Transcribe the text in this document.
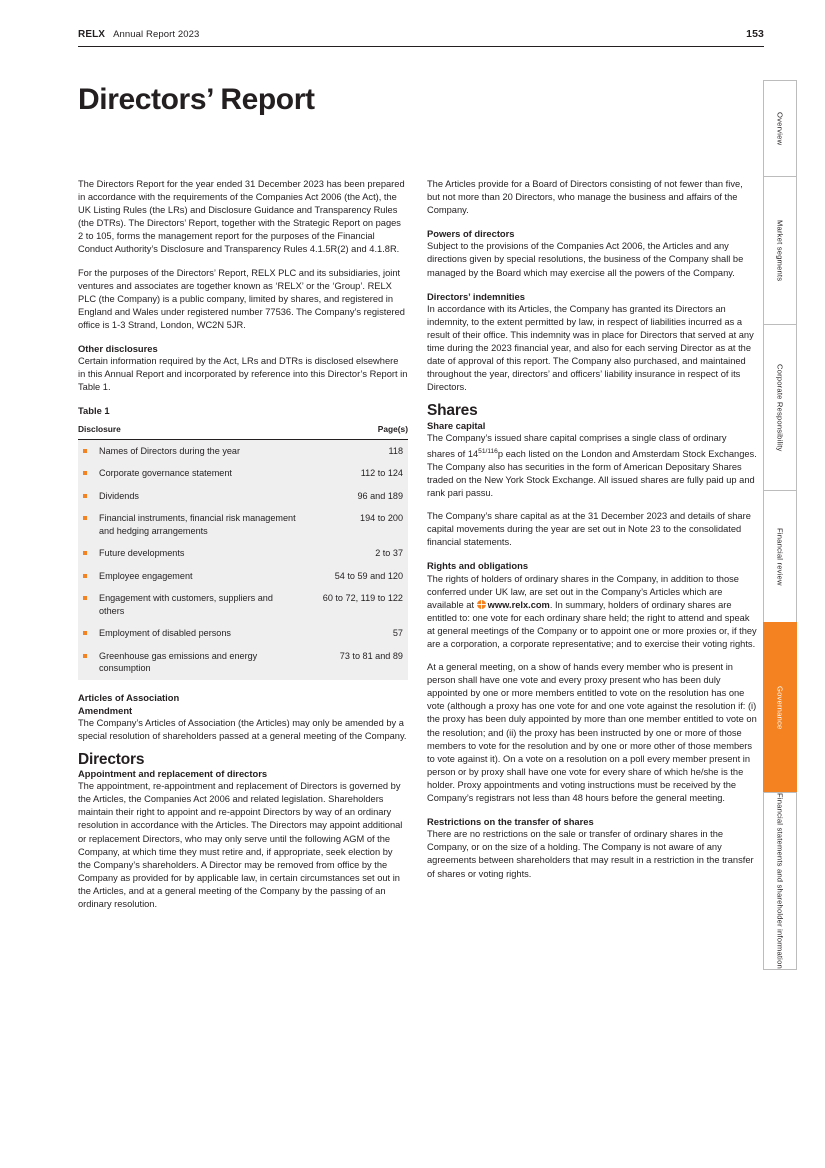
RELX Annual Report 2023	153
Directors’ Report

The Directors Report for the year ended 31 December 2023 has been prepared in accordance with the requirements of the Companies Act 2006 (the Act), the UK Listing Rules (the LRs) and Disclosure Guidance and Transparency Rules (the DTRs). The Directors’ Report, together with the Strategic Report on pages 2 to 105, forms the management report for the purposes of the Financial Conduct Authority’s Disclosure and Transparency Rules 4.1.5R(2) and 4.1.8R.

For the purposes of the Directors’ Report, RELX PLC and its subsidiaries, joint ventures and associates are together known as ‘RELX’ or the ‘Group’. RELX PLC (the Company) is a public company, limited by shares, and registered in England and Wales under registered number 77536. The Company’s registered office is 1-3 Strand, London, WC2N 5JR.

Other disclosures

Certain information required by the Act, LRs and DTRs is disclosed elsewhere in this Annual Report and incorporated by reference into this Director’s Report in Table 1.

Table 1
Disclosure		Page(s)
	Names of Directors during the year	118
	Corporate governance statement	112 to 124
	Dividends	96 and 189
	Financial instruments, financial risk management and hedging arrangements	194 to 200
	Future developments	2 to 37
	Employee engagement	54 to 59 and 120
	Engagement with customers, suppliers and others	60 to 72, 119 to 122
	Employment of disabled persons	57
	Greenhouse gas emissions and energy consumption	73 to 81 and 89
Articles of Association
Amendment

The Company’s Articles of Association (the Articles) may only be amended by a special resolution of shareholders passed at a general meeting of the Company.

Directors
Appointment and replacement of directors

The appointment, re-appointment and replacement of Directors is governed by the Articles, the Companies Act 2006 and related legislation. Shareholders maintain their right to appoint and re-appoint Directors by way of an ordinary resolution in accordance with the Articles. The Directors may appoint additional or replacement Directors, who may only serve until the following AGM of the Company, at which time they must retire and, if appropriate, seek election by the Company’s shareholders. A Director may be removed from office by the Company as provided for by applicable law, in certain circumstances set out in the Articles, and at a general meeting of the Company by the passing of an ordinary resolution.

The Articles provide for a Board of Directors consisting of not fewer than five, but not more than 20 Directors, who manage the business and affairs of the Company.

Powers of directors

Subject to the provisions of the Companies Act 2006, the Articles and any directions given by special resolutions, the business of the Company shall be managed by the Board which may exercise all the powers of the Company.

Directors’ indemnities

In accordance with its Articles, the Company has granted its Directors an indemnity, to the extent permitted by law, in respect of liabilities incurred as a result of their office. This indemnity was in place for Directors that served at any time during the 2023 financial year, and also for each serving Director as at the date of approval of this report. The Company also purchased, and maintained throughout the year, directors’ and officers’ liability insurance in respect of its Directors.

Shares
Share capital

The Company’s issued share capital comprises a single class of ordinary shares of $14^{51/116}p$ each listed on the London and Amsterdam Stock Exchanges. The Company also has securities in the form of American Depositary Shares traded on the New York Stock Exchange. All issued shares are fully paid up and rank pari passu.

The Company’s share capital as at the 31 December 2023 and details of share capital movements during the year are set out in Note 23 to the consolidated financial statements.

Rights and obligations

The rights of holders of ordinary shares in the Company, in addition to those conferred under UK law, are set out in the Company’s Articles which are available at www.relx.com. In summary, holders of ordinary shares are entitled to: one vote for each ordinary share held; the right to attend and speak at general meetings of the Company or to appoint one or more proxies or, if they are a corporation, a corporate representative; and to exercise their voting rights.

At a general meeting, on a show of hands every member who is present in person shall have one vote and every proxy present who has been duly appointed by one or more members entitled to vote on the resolution has one vote (although a proxy has one vote for and one vote against the resolution if: (i) the proxy has been duly appointed by more than one member entitled to vote on the resolution; and (ii) the proxy has been instructed by one or more of those members to vote for the resolution and by one or more other of those members to vote against it). On a vote on a resolution on a poll every member present in person or by proxy shall have one vote for every share of which he/she is the holder. Proxy appointments and voting instructions must be received by the Company’s registrars not less than 48 hours before the general meeting.

Restrictions on the transfer of shares

There are no restrictions on the sale or transfer of ordinary shares in the Company, or on the size of a holding. The Company is not aware of any agreements between shareholders that may result in a restriction in the transfer of shares or voting rights.

Overview
Market segments
Corporate Responsibility
Financial review
Governance
Financial statements and shareholder information
